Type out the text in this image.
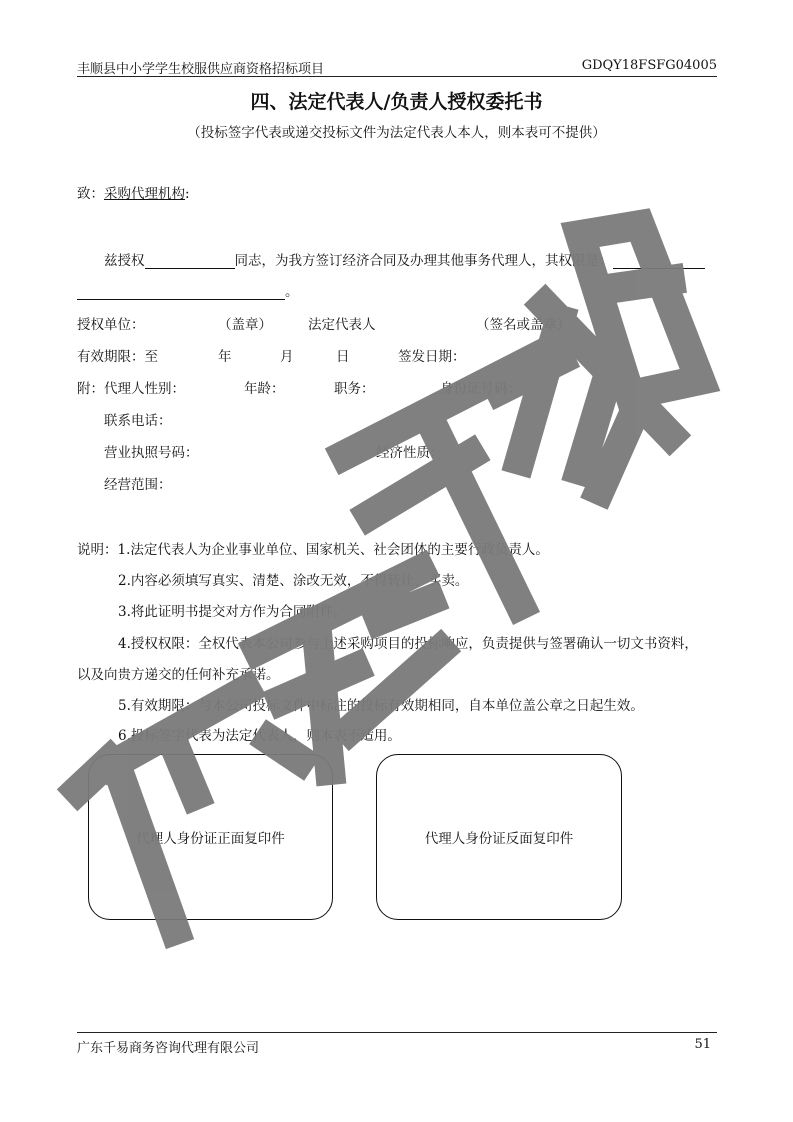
丰顺县中小学学生校服供应商资格招标项目	GDQY18FSFG04005
四、法定代表人/负责人授权委托书
（投标签字代表或递交投标文件为法定代表人本人，则本表可不提供）
致：采购代理机构:
兹授权	同志，为我方签订经济合同及办理其他事务代理人，其权限是：
。
授权单位：	（盖章）	法定代表人	（签名或盖章）
有效期限：至	年	月	日	签发日期：
附：代理人性别：	年龄：	职务：	身份证号码：
联系电话：
营业执照号码：	经济性质：
经营范围：
说明：1.法定代表人为企业事业单位、国家机关、社会团体的主要行政负责人。
2.内容必须填写真实、清楚、涂改无效，不得转让、买卖。
3.将此证明书提交对方作为合同附件。
4.授权权限：全权代表本公司参与上述采购项目的投标响应，负责提供与签署确认一切文书资料，
以及向贵方递交的任何补充承诺。
5.有效期限：与本公司投标文件中标注的投标有效期相同，自本单位盖公章之日起生效。
6.投标签字代表为法定代表人，则本表不适用。
代理人身份证正面复印件	代理人身份证反面复印件
广东千易商务咨询代理有限公司	51
